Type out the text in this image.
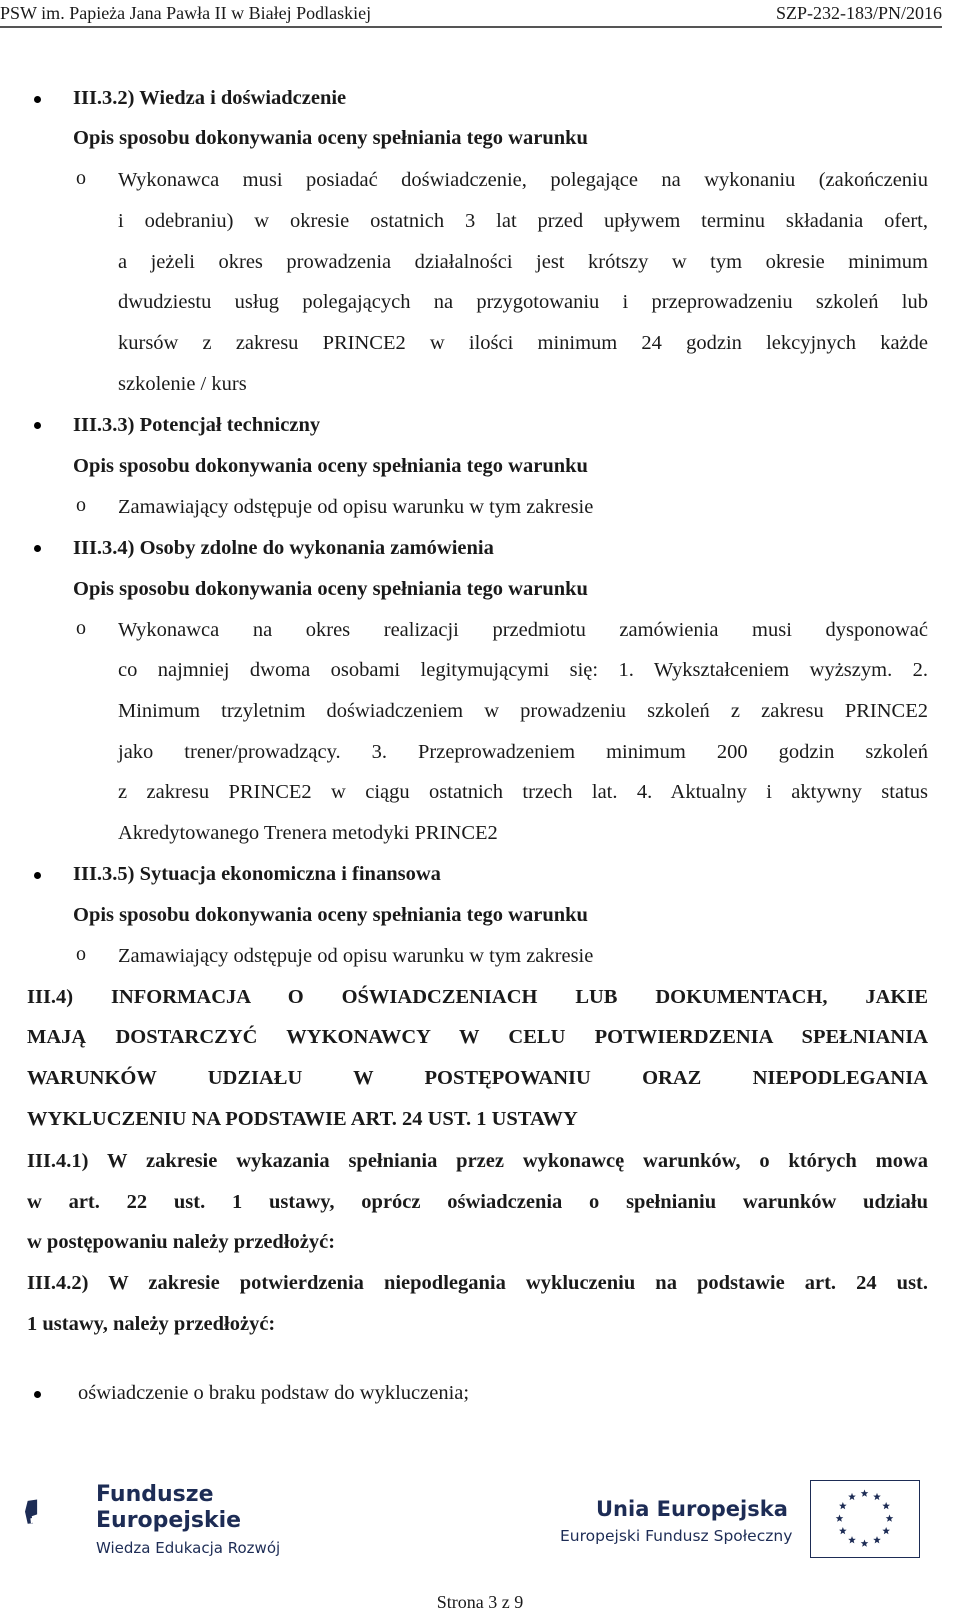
PSW im. Papieża Jana Pawła II w Białej Podlaskiej	SZP-232-183/PN/2016
III.3.2) Wiedza i doświadczenie
Opis sposobu dokonywania oceny spełniania tego warunku
o Wykonawca musi posiadać doświadczenie, polegające na wykonaniu (zakończeniu
i odebraniu) w okresie ostatnich 3 lat przed upływem terminu składania ofert,
a jeżeli okres prowadzenia działalności jest krótszy w tym okresie minimum
dwudziestu usług polegających na przygotowaniu i przeprowadzeniu szkoleń lub
kursów z zakresu PRINCE2 w ilości minimum 24 godzin lekcyjnych każde
szkolenie / kurs
III.3.3) Potencjał techniczny
Opis sposobu dokonywania oceny spełniania tego warunku
o Zamawiający odstępuje od opisu warunku w tym zakresie
III.3.4) Osoby zdolne do wykonania zamówienia
Opis sposobu dokonywania oceny spełniania tego warunku
o Wykonawca na okres realizacji przedmiotu zamówienia musi dysponować
co najmniej dwoma osobami legitymującymi się: 1. Wykształceniem wyższym. 2.
Minimum trzyletnim doświadczeniem w prowadzeniu szkoleń z zakresu PRINCE2
jako trener/prowadzący. 3. Przeprowadzeniem minimum 200 godzin szkoleń
z zakresu PRINCE2 w ciągu ostatnich trzech lat. 4. Aktualny i aktywny status
Akredytowanego Trenera metodyki PRINCE2
III.3.5) Sytuacja ekonomiczna i finansowa
Opis sposobu dokonywania oceny spełniania tego warunku
o Zamawiający odstępuje od opisu warunku w tym zakresie
III.4) INFORMACJA O OŚWIADCZENIACH LUB DOKUMENTACH, JAKIE
MAJĄ DOSTARCZYĆ WYKONAWCY W CELU POTWIERDZENIA SPEŁNIANIA
WARUNKÓW UDZIAŁU W POSTĘPOWANIU ORAZ NIEPODLEGANIA
WYKLUCZENIU NA PODSTAWIE ART. 24 UST. 1 USTAWY
III.4.1) W zakresie wykazania spełniania przez wykonawcę warunków, o których mowa
w art. 22 ust. 1 ustawy, oprócz oświadczenia o spełnianiu warunków udziału
w postępowaniu należy przedłożyć:
III.4.2) W zakresie potwierdzenia niepodlegania wykluczeniu na podstawie art. 24 ust.
1 ustawy, należy przedłożyć:
oświadczenie o braku podstaw do wykluczenia;
Fundusze
Europejskie
Wiedza Edukacja Rozwój
Unia Europejska
Europejski Fundusz Społeczny
Strona 3 z 9
